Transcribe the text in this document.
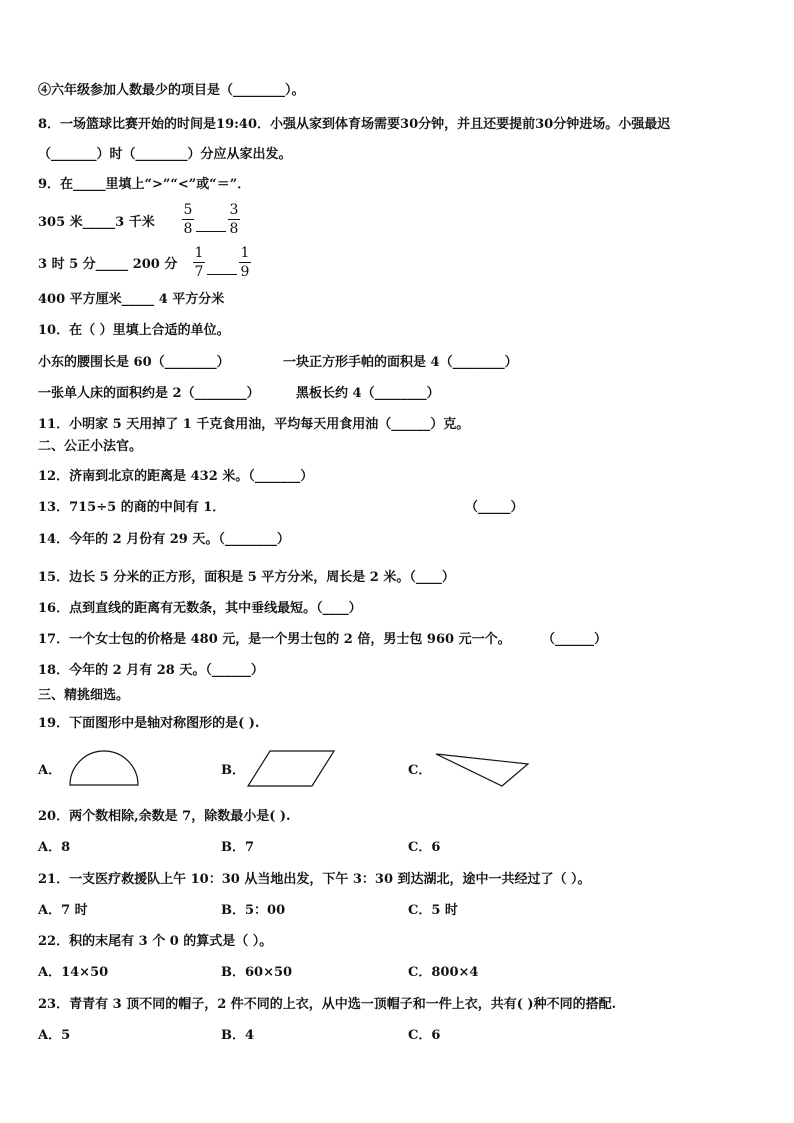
④六年级参加人数最少的项目是（________）。
8．一场篮球比赛开始的时间是19:40．小强从家到体育场需要30分钟，并且还要提前30分钟进场。小强最迟
（_______）时（________）分应从家出发。
9．在_____里填上“>”“<”或“＝”．
305 米_____3 千米
5
8
3
8
3 时 5 分_____ 200 分
1
7
1
9
400 平方厘米_____ 4 平方分米
10．在（ ）里填上合适的单位。
小东的腰围长是 60（________）	一块正方形手帕的面积是 4（________）
一张单人床的面积约是 2（________）	黑板长约 4（________）
11．小明家 5 天用掉了 1 千克食用油，平均每天用食用油（______）克。
二、公正小法官。
12．济南到北京的距离是 432 米。（_______）
13．715÷5 的商的中间有 1．	（_____）
14．今年的 2 月份有 29 天。（________）
15．边长 5 分米的正方形，面积是 5 平方分米，周长是 2 米。（____）
16．点到直线的距离有无数条，其中垂线最短。（____）
17．一个女士包的价格是 480 元，是一个男士包的 2 倍，男士包 960 元一个。 （______）
18．今年的 2 月有 28 天。（______）
三、精挑细选。
19．下面图形中是轴对称图形的是( ).
A．	B．	C．
20．两个数相除,余数是 7，除数最小是( ).
A．8	B．7	C．6
21．一支医疗救援队上午 10：30 从当地出发，下午 3：30 到达湖北，途中一共经过了（ ）。
A．7 时	B．5：00	C．5 时
22．积的末尾有 3 个 0 的算式是（ ）。
A．14×50	B．60×50	C．800×4
23．青青有 3 顶不同的帽子，2 件不同的上衣，从中选一顶帽子和一件上衣，共有( )种不同的搭配.
A．5	B．4	C．6
